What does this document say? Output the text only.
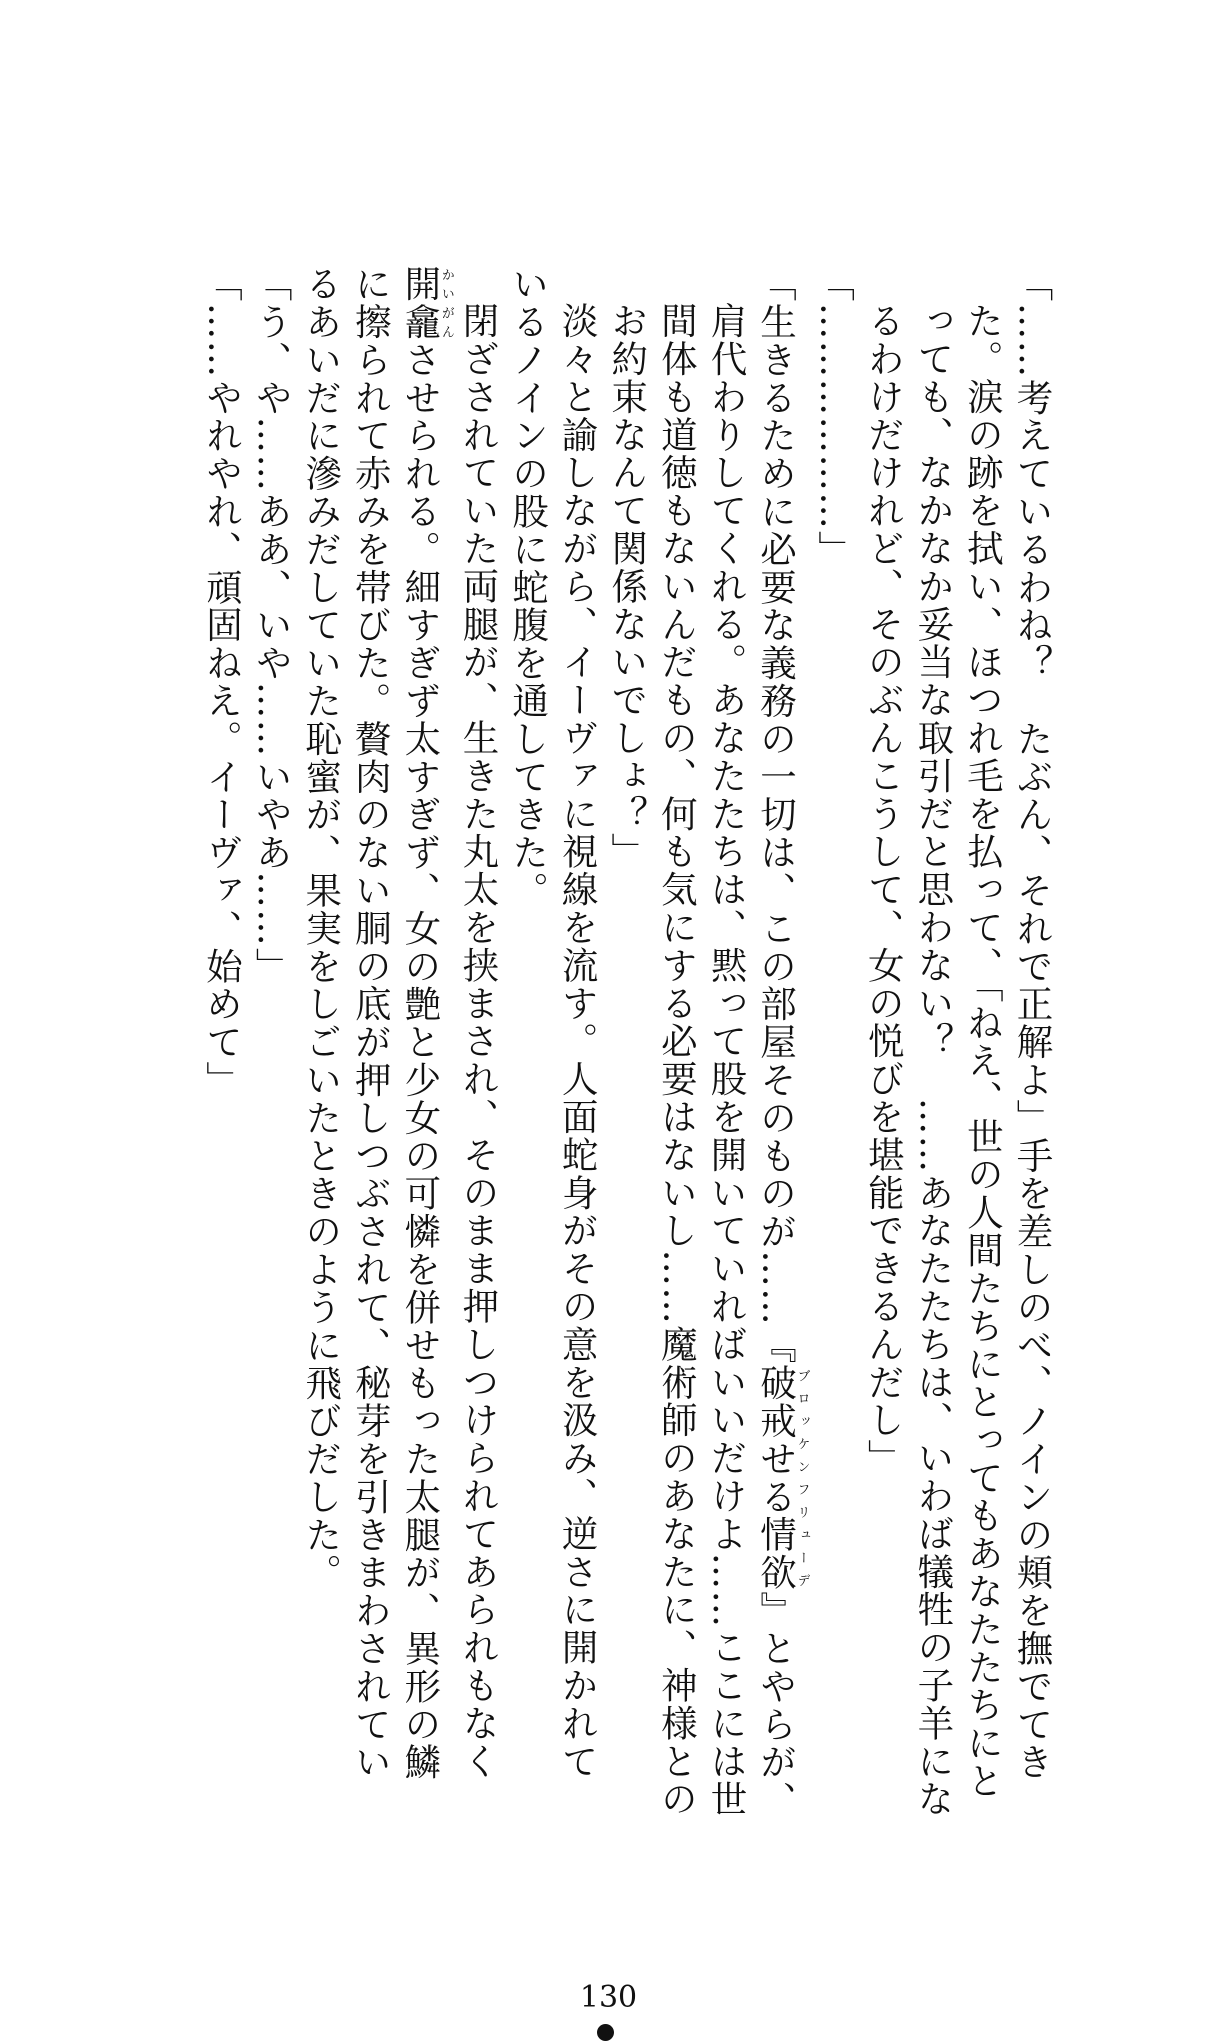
「……考えているわね？　たぶん、それで正解よ」手を差しのべ、ノインの頬を撫でてき
た。涙の跡を拭い、ほつれ毛を払って、「ねえ、世の人間たちにとってもあなたたちにと
っても、なかなか妥当な取引だと思わない？　……あなたたちは、いわば犠牲の子羊にな
るわけだけれど、そのぶんこうして、女の悦びを堪能できるんだし」
「………………」
「生きるために必要な義務の一切は、この部屋そのものが……『破戒せる情欲ブロッケンフリューデ』とやらが、
肩代わりしてくれる。あなたたちは、黙って股を開いていればいいだけよ……ここには世
間体も道徳もないんだもの、何も気にする必要はないし……魔術師のあなたに、神様との
お約束なんて関係ないでしょ？」
淡々と諭しながら、イーヴァに視線を流す。人面蛇身がその意を汲み、逆さに開かれて
いるノインの股に蛇腹を通してきた。
閉ざされていた両腿が、生きた丸太を挟まされ、そのまま押しつけられてあられもなく
開龕かいがんさせられる。細すぎず太すぎず、女の艶と少女の可憐を併せもった太腿が、異形の鱗
に擦られて赤みを帯びた。贅肉のない胴の底が押しつぶされて、秘芽を引きまわされてい
るあいだに滲みだしていた恥蜜が、果実をしごいたときのように飛びだした。
「う、や……ああ、いや……いやあ……」
「……やれやれ、頑固ねえ。イーヴァ、始めて」
130
